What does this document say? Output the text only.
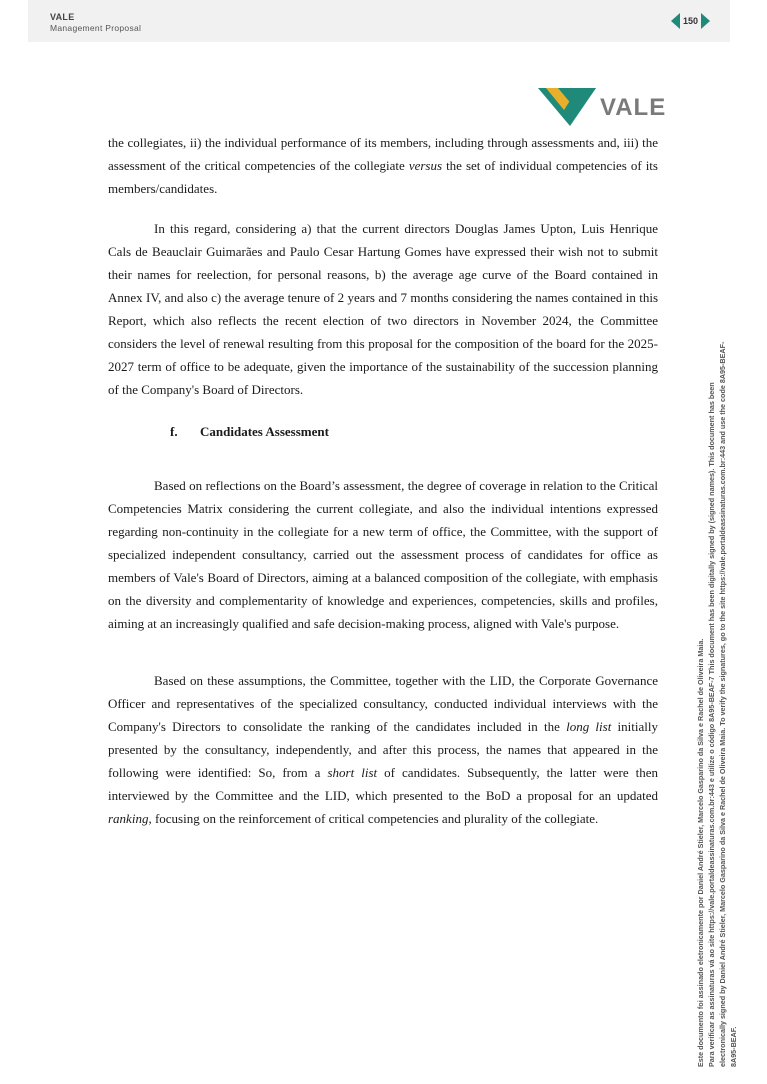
VALE
Management Proposal
150
VALE

the collegiates, ii) the individual performance of its members, including through assessments and, iii) the assessment of the critical competencies of the collegiate versus the set of individual competencies of its members/candidates.

In this regard, considering a) that the current directors Douglas James Upton, Luis Henrique Cals de Beauclair Guimarães and Paulo Cesar Hartung Gomes have expressed their wish not to submit their names for reelection, for personal reasons, b) the average age curve of the Board contained in Annex IV, and also c) the average tenure of 2 years and 7 months considering the names contained in this Report, which also reflects the recent election of two directors in November 2024, the Committee considers the level of renewal resulting from this proposal for the composition of the board for the 2025-2027 term of office to be adequate, given the importance of the sustainability of the succession planning of the Company's Board of Directors.

f. Candidates Assessment

Based on reflections on the Board’s assessment, the degree of coverage in relation to the Critical Competencies Matrix considering the current collegiate, and also the individual intentions expressed regarding non-continuity in the collegiate for a new term of office, the Committee, with the support of specialized independent consultancy, carried out the assessment process of candidates for office as members of Vale's Board of Directors, aiming at a balanced composition of the collegiate, with emphasis on the diversity and complementarity of knowledge and experiences, competencies, skills and profiles, aiming at an increasingly qualified and safe decision-making process, aligned with Vale's purpose.

Based on these assumptions, the Committee, together with the LID, the Corporate Governance Officer and representatives of the specialized consultancy, conducted individual interviews with the Company's Directors to consolidate the ranking of the candidates included in the long list initially presented by the consultancy, independently, and after this process, the names that appeared in the following were identified: So, from a short list of candidates. Subsequently, the latter were then interviewed by the Committee and the LID, which presented to the BoD a proposal for an updated ranking, focusing on the reinforcement of critical competencies and plurality of the collegiate.	Este documento foi assinado eletronicamente por Daniel André Stieler, Marcelo Gasparino da Silva e Rachel de Oliveira Maia. Para verificar as assinaturas vá ao site https://vale.portaldeassinaturas.com.br:443 e utilize o código 8A95-BEAF-7 This document has been digitally signed by (signed names). This document has been electronically signed by Daniel André Stieler, Marcelo Gasparino da Silva e Rachel de Oliveira Maia. To verify the signatures, go to the site https://vale.portaldeassinaturas.com.br:443 and use the code 8A95-BEAF- 8A95-BEAF.
